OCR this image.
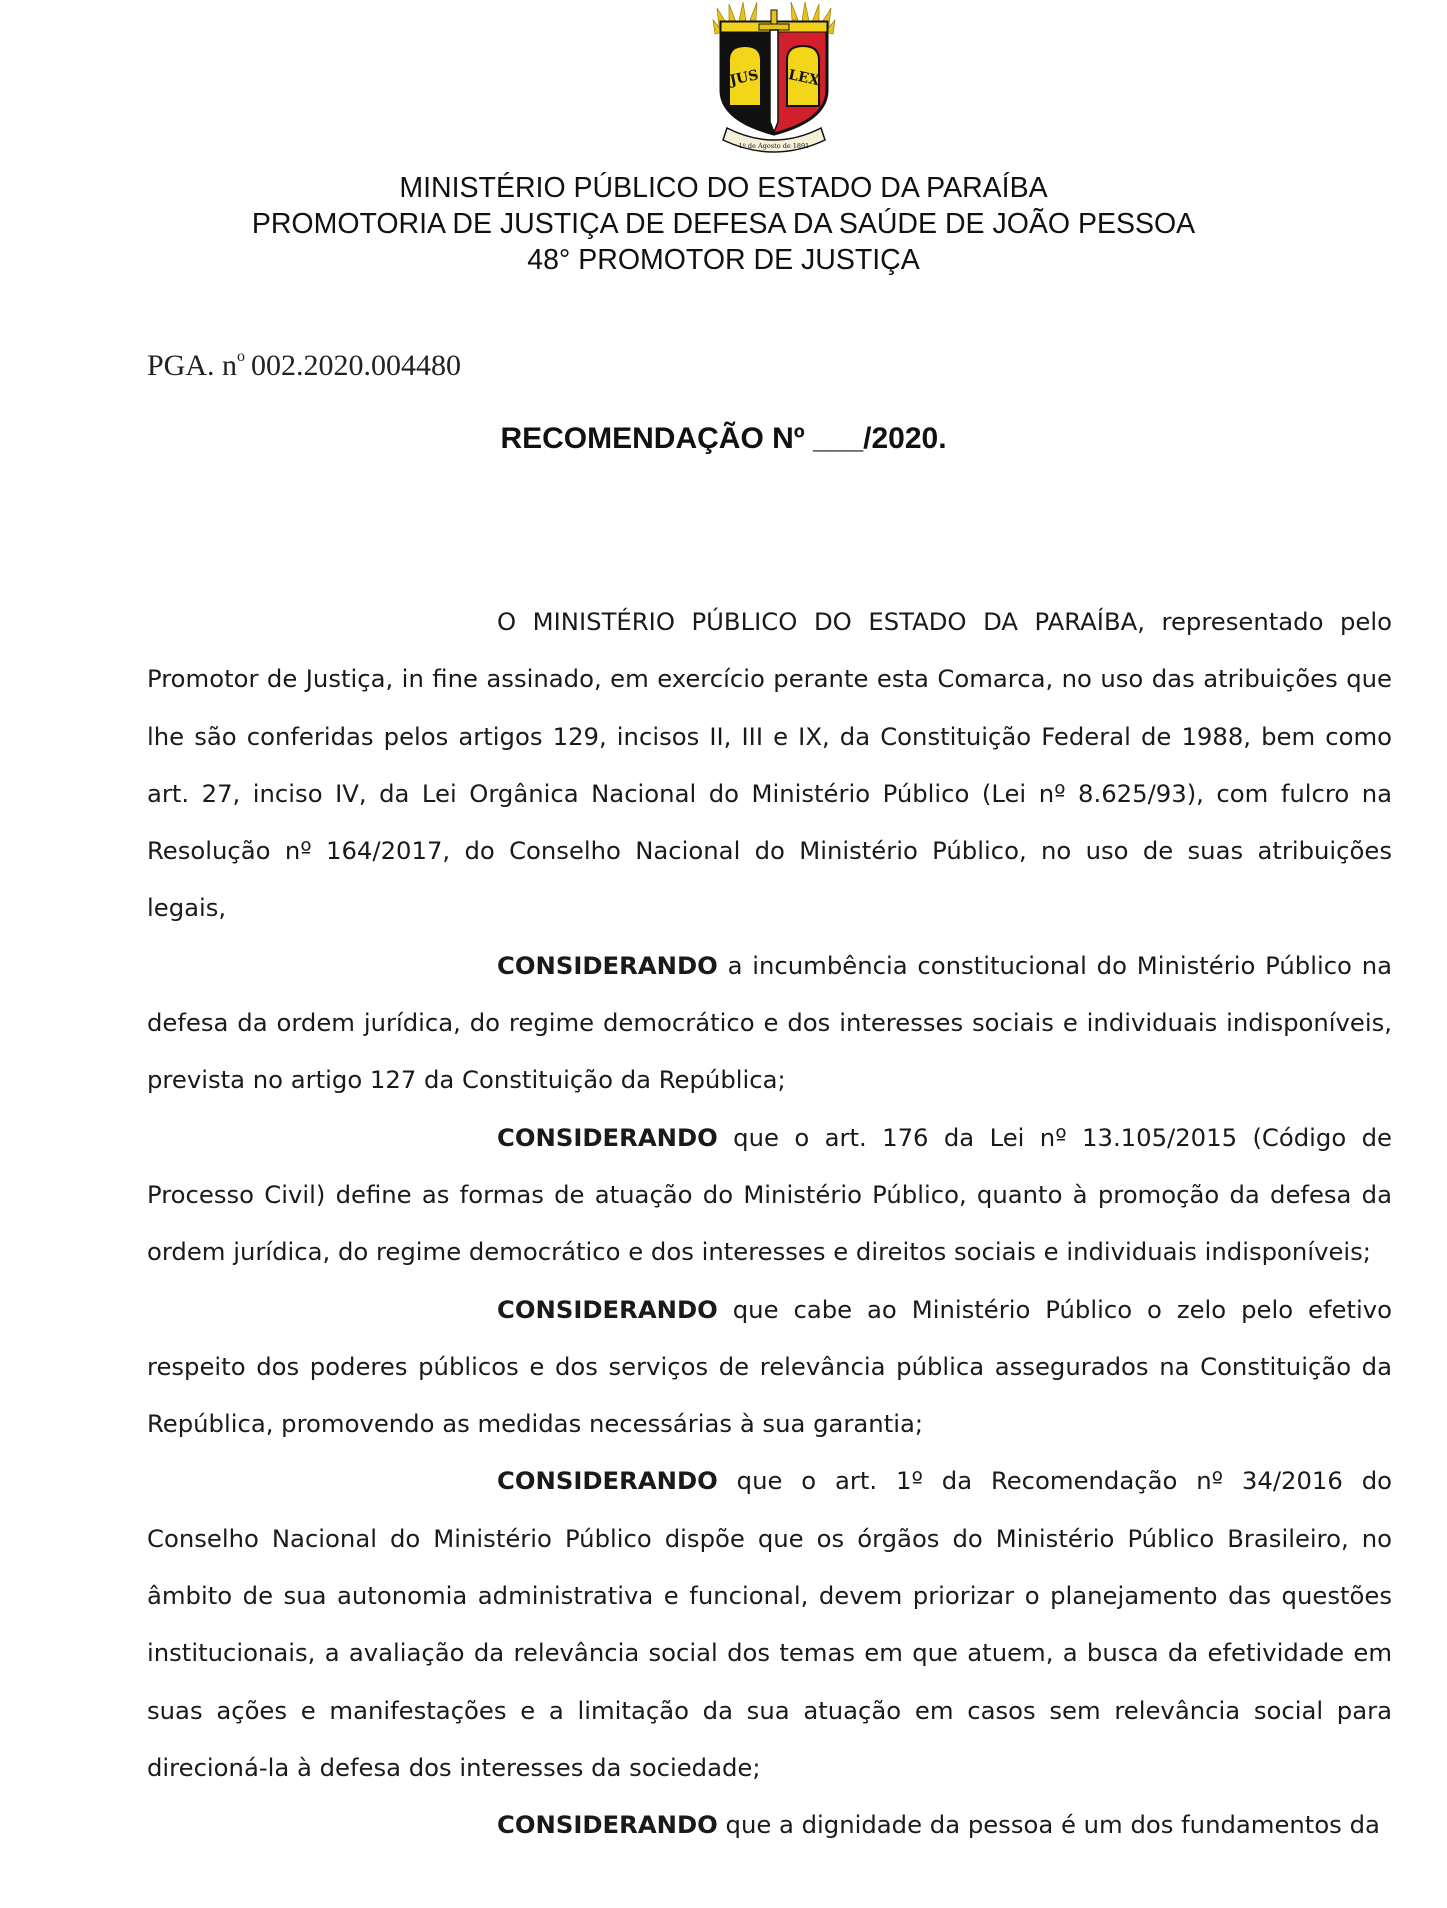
JUS LEX
1º de Agosto de 1891
MINISTÉRIO PÚBLICO DO ESTADO DA PARAÍBA
PROMOTORIA DE JUSTIÇA DE DEFESA DA SAÚDE DE JOÃO PESSOA
48° PROMOTOR DE JUSTIÇA
PGA. $n^o$ 002.2020.004480
RECOMENDAÇÃO Nº ___/2020.

O MINISTÉRIO PÚBLICO DO ESTADO DA PARAÍBA, representado pelo Promotor de Justiça, in fine assinado, em exercício perante esta Comarca, no uso das atribuições que lhe são conferidas pelos artigos 129, incisos II, III e IX, da Constituição Federal de 1988, bem como art. 27, inciso IV, da Lei Orgânica Nacional do Ministério Público (Lei nº 8.625/93), com fulcro na Resolução nº 164/2017, do Conselho Nacional do Ministério Público, no uso de suas atribuições legais,

CONSIDERANDO a incumbência constitucional do Ministério Público na defesa da ordem jurídica, do regime democrático e dos interesses sociais e individuais indisponíveis, prevista no artigo 127 da Constituição da República;

CONSIDERANDO que o art. 176 da Lei nº 13.105/2015 (Código de Processo Civil) define as formas de atuação do Ministério Público, quanto à promoção da defesa da ordem jurídica, do regime democrático e dos interesses e direitos sociais e individuais indisponíveis;

CONSIDERANDO que cabe ao Ministério Público o zelo pelo efetivo respeito dos poderes públicos e dos serviços de relevância pública assegurados na Constituição da República, promovendo as medidas necessárias à sua garantia;

CONSIDERANDO que o art. 1º da Recomendação nº 34/2016 do Conselho Nacional do Ministério Público dispõe que os órgãos do Ministério Público Brasileiro, no âmbito de sua autonomia administrativa e funcional, devem priorizar o planejamento das questões institucionais, a avaliação da relevância social dos temas em que atuem, a busca da efetividade em suas ações e manifestações e a limitação da sua atuação em casos sem relevância social para direcioná-la à defesa dos interesses da sociedade;

CONSIDERANDO que a dignidade da pessoa é um dos fundamentos da
